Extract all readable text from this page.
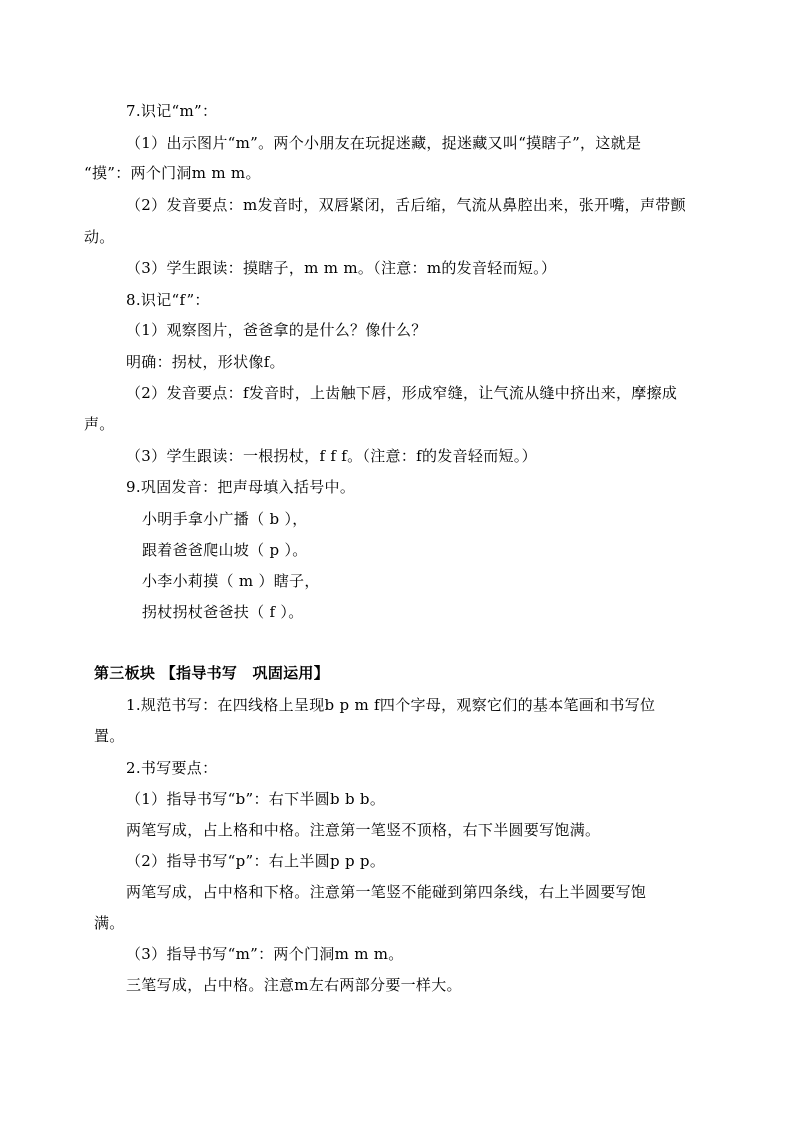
7.识记“m”：
（1）出示图片“m”。两个小朋友在玩捉迷藏，捉迷藏又叫“摸瞎子”，这就是
“摸”：两个门洞m m m。
（2）发音要点：m发音时，双唇紧闭，舌后缩，气流从鼻腔出来，张开嘴，声带颤
动。
（3）学生跟读：摸瞎子，m m m。（注意：m的发音轻而短。）
8.识记“f”：
（1）观察图片，爸爸拿的是什么？像什么？
明确：拐杖，形状像f。
（2）发音要点：f发音时，上齿触下唇，形成窄缝，让气流从缝中挤出来，摩擦成
声。
（3）学生跟读：一根拐杖，f f f。（注意：f的发音轻而短。）
9.巩固发音：把声母填入括号中。
小明手拿小广播（ b ），
跟着爸爸爬山坡（ p ）。
小李小莉摸（ m ）瞎子，
拐杖拐杖爸爸扶（ f ）。
第三板块 【指导书写　巩固运用】
1.规范书写：在四线格上呈现b p m f四个字母，观察它们的基本笔画和书写位
置。
2.书写要点：
（1）指导书写“b”：右下半圆b b b。
两笔写成，占上格和中格。注意第一笔竖不顶格，右下半圆要写饱满。
（2）指导书写“p”：右上半圆p p p。
两笔写成，占中格和下格。注意第一笔竖不能碰到第四条线，右上半圆要写饱
满。
（3）指导书写“m”：两个门洞m m m。
三笔写成，占中格。注意m左右两部分要一样大。
